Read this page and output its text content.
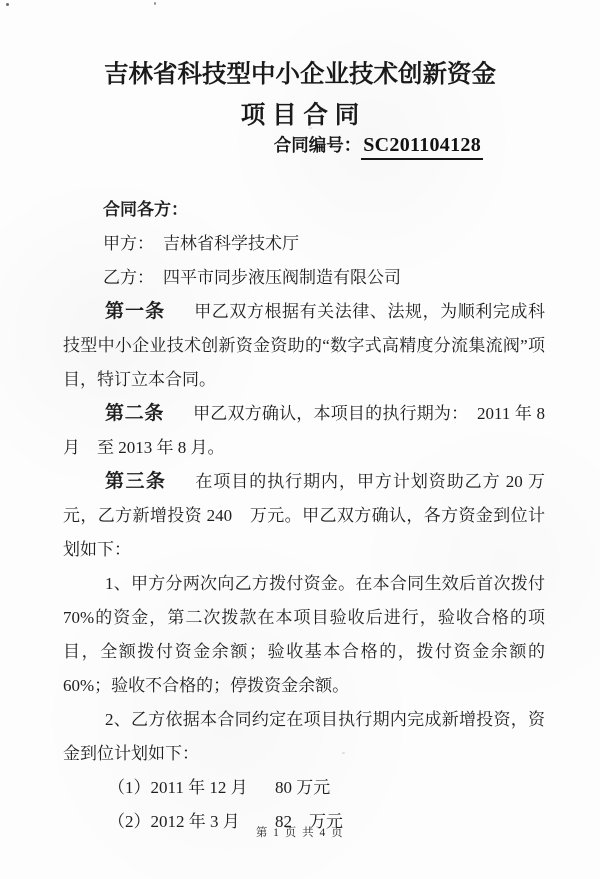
吉林省科技型中小企业技术创新资金
项 目 合 同
合同编号： SC201104128

合同各方：

甲方： 吉林省科学技术厅

乙方： 四平市同步液压阀制造有限公司

第一条 甲乙双方根据有关法律、法规，为顺利完成科技型中小企业技术创新资金资助的“数字式高精度分流集流阀”项目，特订立本合同。

第二条 甲乙双方确认，本项目的执行期为：　2011 年 8 月　至 2013 年 8 月。

第三条 在项目的执行期内，甲方计划资助乙方 20 万元，乙方新增投资 240　万元。甲乙双方确认，各方资金到位计划如下：

1、甲方分两次向乙方拨付资金。在本合同生效后首次拨付 70%的资金，第二次拨款在本项目验收后进行，验收合格的项目，全额拨付资金余额；验收基本合格的，拨付资金余额的 60%；验收不合格的；停拨资金余额。

2、乙方依据本合同约定在项目执行期内完成新增投资，资金到位计划如下：

（1）2011 年 12 月 80 万元

（2）2012 年 3 月 82　万元

第 1 页 共 4 页
